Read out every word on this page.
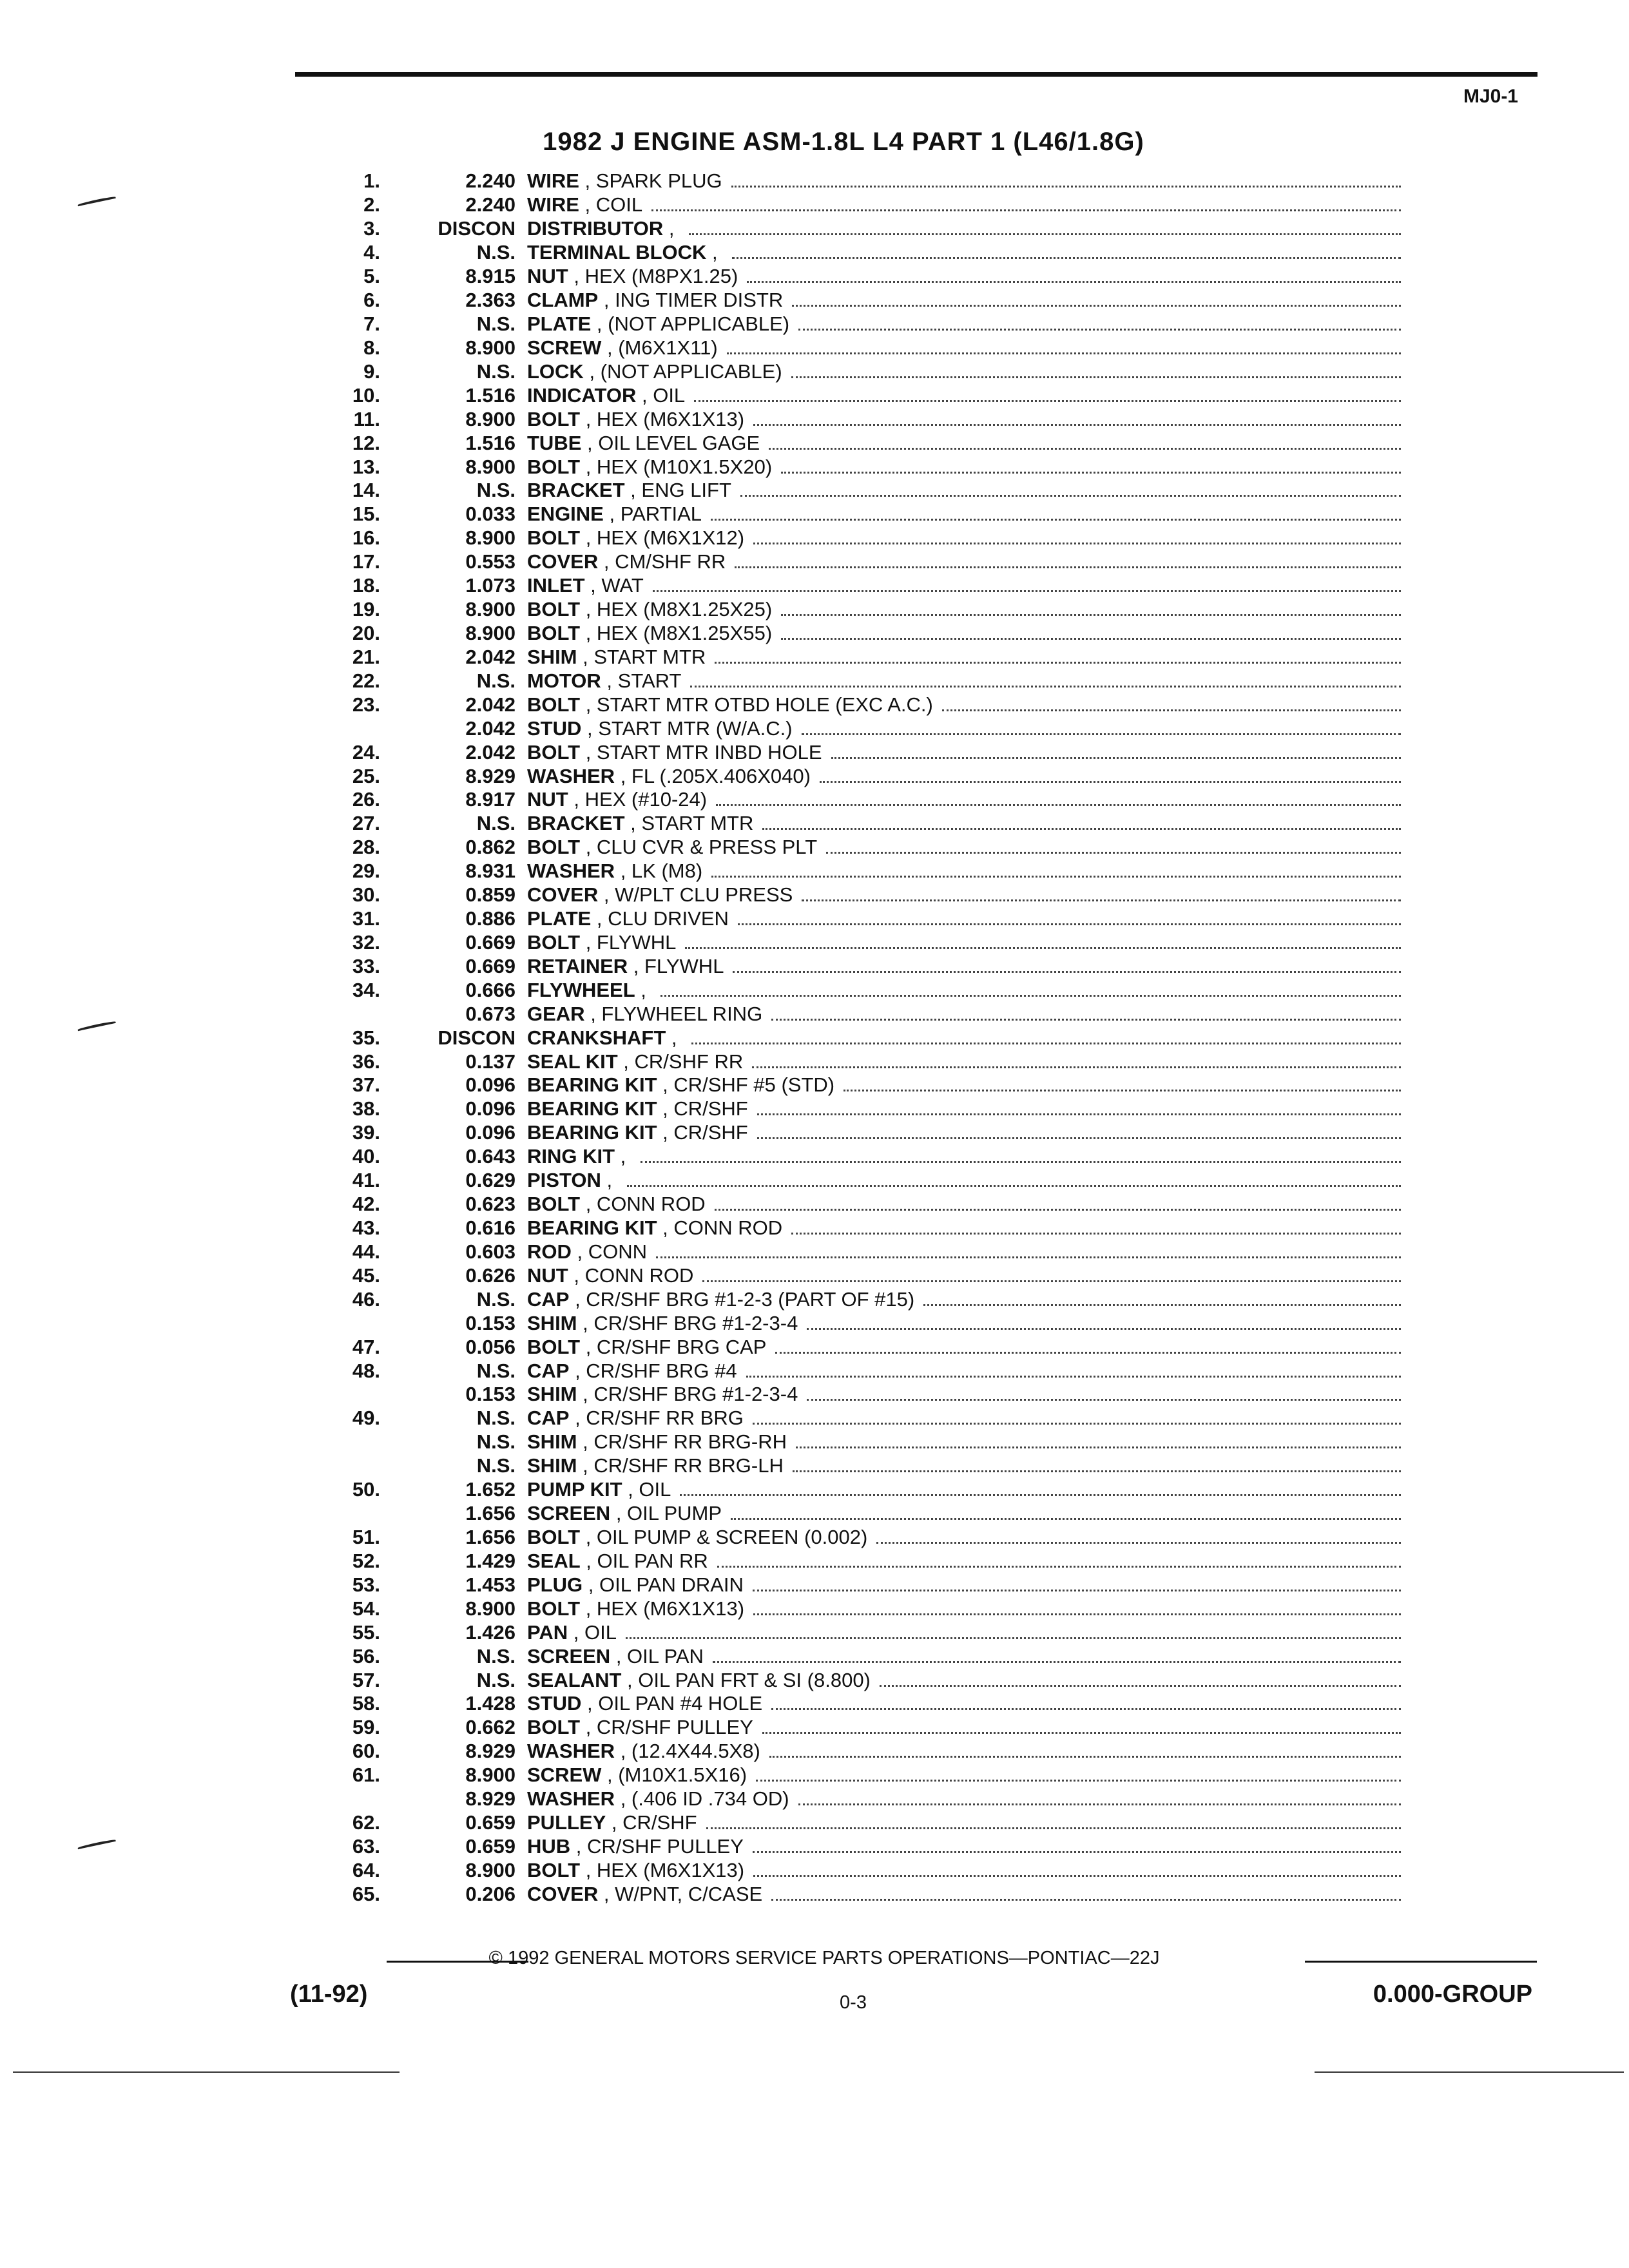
MJ0-1
1982 J ENGINE ASM-1.8L L4 PART 1 (L46/1.8G)
1.	2.240 WIRE , SPARK PLUG
2.	2.240 WIRE , COIL
3.	DISCON DISTRIBUTOR ,
4.	N.S. TERMINAL BLOCK ,
5.	8.915 NUT , HEX (M8PX1.25)
6.	2.363 CLAMP , ING TIMER DISTR
7.	N.S. PLATE , (NOT APPLICABLE)
8.	8.900 SCREW , (M6X1X11)
9.	N.S. LOCK , (NOT APPLICABLE)
10.	1.516 INDICATOR , OIL
11.	8.900 BOLT , HEX (M6X1X13)
12.	1.516 TUBE , OIL LEVEL GAGE
13.	8.900 BOLT , HEX (M10X1.5X20)
14.	N.S. BRACKET , ENG LIFT
15.	0.033 ENGINE , PARTIAL
16.	8.900 BOLT , HEX (M6X1X12)
17.	0.553 COVER , CM/SHF RR
18.	1.073 INLET , WAT
19.	8.900 BOLT , HEX (M8X1.25X25)
20.	8.900 BOLT , HEX (M8X1.25X55)
21.	2.042 SHIM , START MTR
22.	N.S. MOTOR , START
23.	2.042 BOLT , START MTR OTBD HOLE (EXC A.C.)
2.042 STUD , START MTR (W/A.C.)
24.	2.042 BOLT , START MTR INBD HOLE
25.	8.929 WASHER , FL (.205X.406X040)
26.	8.917 NUT , HEX (#10-24)
27.	N.S. BRACKET , START MTR
28.	0.862 BOLT , CLU CVR & PRESS PLT
29.	8.931 WASHER , LK (M8)
30.	0.859 COVER , W/PLT CLU PRESS
31.	0.886 PLATE , CLU DRIVEN
32.	0.669 BOLT , FLYWHL
33.	0.669 RETAINER , FLYWHL
34.	0.666 FLYWHEEL ,
0.673 GEAR , FLYWHEEL RING
35.	DISCON CRANKSHAFT ,
36.	0.137 SEAL KIT , CR/SHF RR
37.	0.096 BEARING KIT , CR/SHF #5 (STD)
38.	0.096 BEARING KIT , CR/SHF
39.	0.096 BEARING KIT , CR/SHF
40.	0.643 RING KIT ,
41.	0.629 PISTON ,
42.	0.623 BOLT , CONN ROD
43.	0.616 BEARING KIT , CONN ROD
44.	0.603 ROD , CONN
45.	0.626 NUT , CONN ROD
46.	N.S. CAP , CR/SHF BRG #1-2-3 (PART OF #15)
0.153 SHIM , CR/SHF BRG #1-2-3-4
47.	0.056 BOLT , CR/SHF BRG CAP
48.	N.S. CAP , CR/SHF BRG #4
0.153 SHIM , CR/SHF BRG #1-2-3-4
49.	N.S. CAP , CR/SHF RR BRG
N.S. SHIM , CR/SHF RR BRG-RH
N.S. SHIM , CR/SHF RR BRG-LH
50.	1.652 PUMP KIT , OIL
1.656 SCREEN , OIL PUMP
51.	1.656 BOLT , OIL PUMP & SCREEN (0.002)
52.	1.429 SEAL , OIL PAN RR
53.	1.453 PLUG , OIL PAN DRAIN
54.	8.900 BOLT , HEX (M6X1X13)
55.	1.426 PAN , OIL
56.	N.S. SCREEN , OIL PAN
57.	N.S. SEALANT , OIL PAN FRT & SI (8.800)
58.	1.428 STUD , OIL PAN #4 HOLE
59.	0.662 BOLT , CR/SHF PULLEY
60.	8.929 WASHER , (12.4X44.5X8)
61.	8.900 SCREW , (M10X1.5X16)
8.929 WASHER , (.406 ID .734 OD)
62.	0.659 PULLEY , CR/SHF
63.	0.659 HUB , CR/SHF PULLEY
64.	8.900 BOLT , HEX (M6X1X13)
65.	0.206 COVER , W/PNT, C/CASE
© 1992 GENERAL MOTORS SERVICE PARTS OPERATIONS—PONTIAC—22J
(11-92)	0-3	0.000-GROUP
